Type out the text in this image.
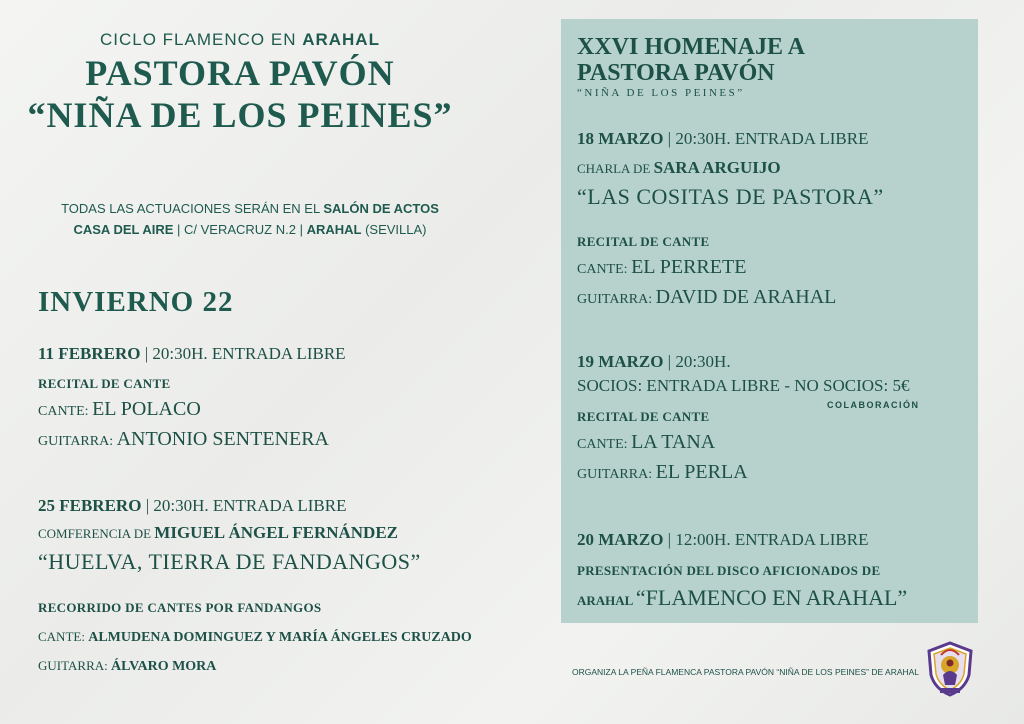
CICLO FLAMENCO EN ARAHAL
PASTORA PAVÓN
“NIÑA DE LOS PEINES”
TODAS LAS ACTUACIONES SERÁN EN EL SALÓN DE ACTOS
CASA DEL AIRE | C/ VERACRUZ N.2 | ARAHAL (SEVILLA)
INVIERNO 22
11 FEBRERO | 20:30H. ENTRADA LIBRE
RECITAL DE CANTE
CANTE: EL POLACO
GUITARRA: ANTONIO SENTENERA
25 FEBRERO | 20:30H. ENTRADA LIBRE
COMFERENCIA DE MIGUEL ÁNGEL FERNÁNDEZ
“HUELVA, TIERRA DE FANDANGOS”
RECORRIDO DE CANTES POR FANDANGOS
CANTE: ALMUDENA DOMINGUEZ Y MARÍA ÁNGELES CRUZADO
GUITARRA: ÁLVARO MORA
XXVI HOMENAJE A
PASTORA PAVÓN
“NIÑA DE LOS PEINES”
18 MARZO | 20:30H. ENTRADA LIBRE
CHARLA DE SARA ARGUIJO
“LAS COSITAS DE PASTORA”
RECITAL DE CANTE
CANTE: EL PERRETE
GUITARRA: DAVID DE ARAHAL
19 MARZO | 20:30H.
SOCIOS: ENTRADA LIBRE - NO SOCIOS: 5€
COLABORACIÓN
RECITAL DE CANTE
CANTE: LA TANA
GUITARRA: EL PERLA
20 MARZO | 12:00H. ENTRADA LIBRE
PRESENTACIÓN DEL DISCO AFICIONADOS DE
ARAHAL “FLAMENCO EN ARAHAL”
ORGANIZA LA PEÑA FLAMENCA PASTORA PAVÓN “NIÑA DE LOS PEINES” DE ARAHAL
